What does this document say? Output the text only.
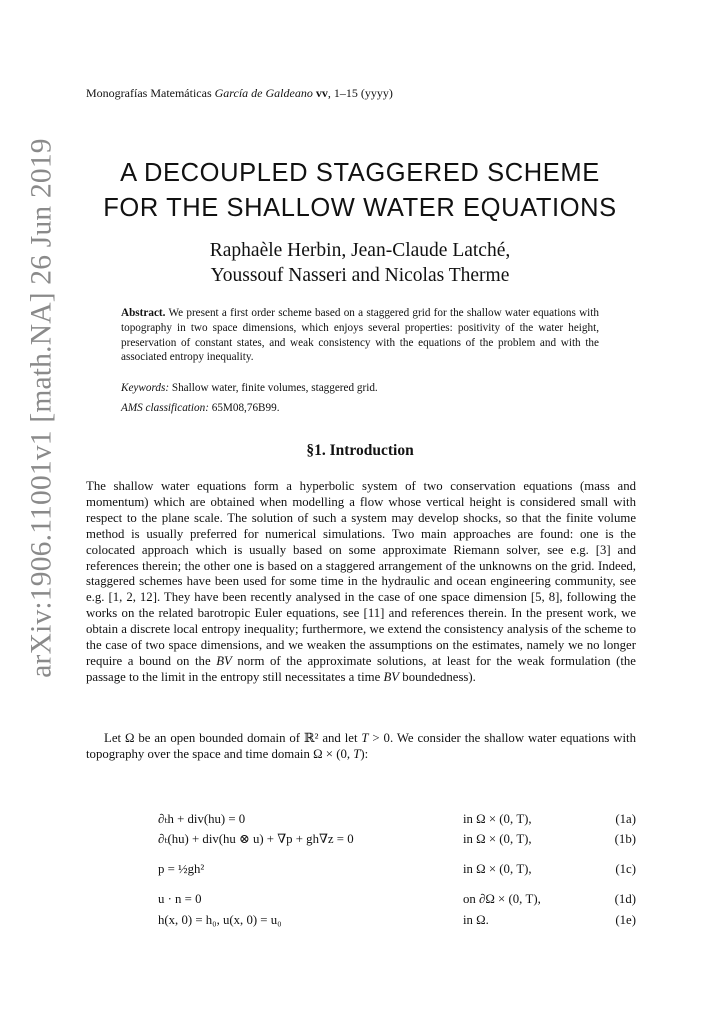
arXiv:1906.11001v1 [math.NA] 26 Jun 2019
Monografías Matemáticas García de Galdeano vv, 1–15 (yyyy)
A DECOUPLED STAGGERED SCHEME
FOR THE SHALLOW WATER EQUATIONS
Raphaèle Herbin, Jean-Claude Latché,
Youssouf Nasseri and Nicolas Therme
Abstract. We present a first order scheme based on a staggered grid for the shallow water equations with topography in two space dimensions, which enjoys several properties: positivity of the water height, preservation of constant states, and weak consistency with the equations of the problem and with the associated entropy inequality.
Keywords: Shallow water, finite volumes, staggered grid.
AMS classification: 65M08,76B99.
§1. Introduction
The shallow water equations form a hyperbolic system of two conservation equations (mass and momentum) which are obtained when modelling a flow whose vertical height is considered small with respect to the plane scale. The solution of such a system may develop shocks, so that the finite volume method is usually preferred for numerical simulations. Two main approaches are found: one is the colocated approach which is usually based on some approximate Riemann solver, see e.g. [3] and references therein; the other one is based on a staggered arrangement of the unknowns on the grid. Indeed, staggered schemes have been used for some time in the hydraulic and ocean engineering community, see e.g. [1, 2, 12]. They have been recently analysed in the case of one space dimension [5, 8], following the works on the related barotropic Euler equations, see [11] and references therein. In the present work, we obtain a discrete local entropy inequality; furthermore, we extend the consistency analysis of the scheme to the case of two space dimensions, and we weaken the assumptions on the estimates, namely we no longer require a bound on the BV norm of the approximate solutions, at least for the weak formulation (the passage to the limit in the entropy still necessitates a time BV boundedness).
Let Ω be an open bounded domain of ℝ² and let T > 0. We consider the shallow water equations with topography over the space and time domain Ω × (0, T):
∂ₜh + div(hu) = 0	in Ω × (0, T),	(1a)
∂ₜ(hu) + div(hu ⊗ u) + ∇p + gh∇z = 0	in Ω × (0, T),	(1b)
p = ½gh²	in Ω × (0, T),	(1c)
u · n = 0	on ∂Ω × (0, T),	(1d)
h(x, 0) = h₀, u(x, 0) = u₀	in Ω.	(1e)
